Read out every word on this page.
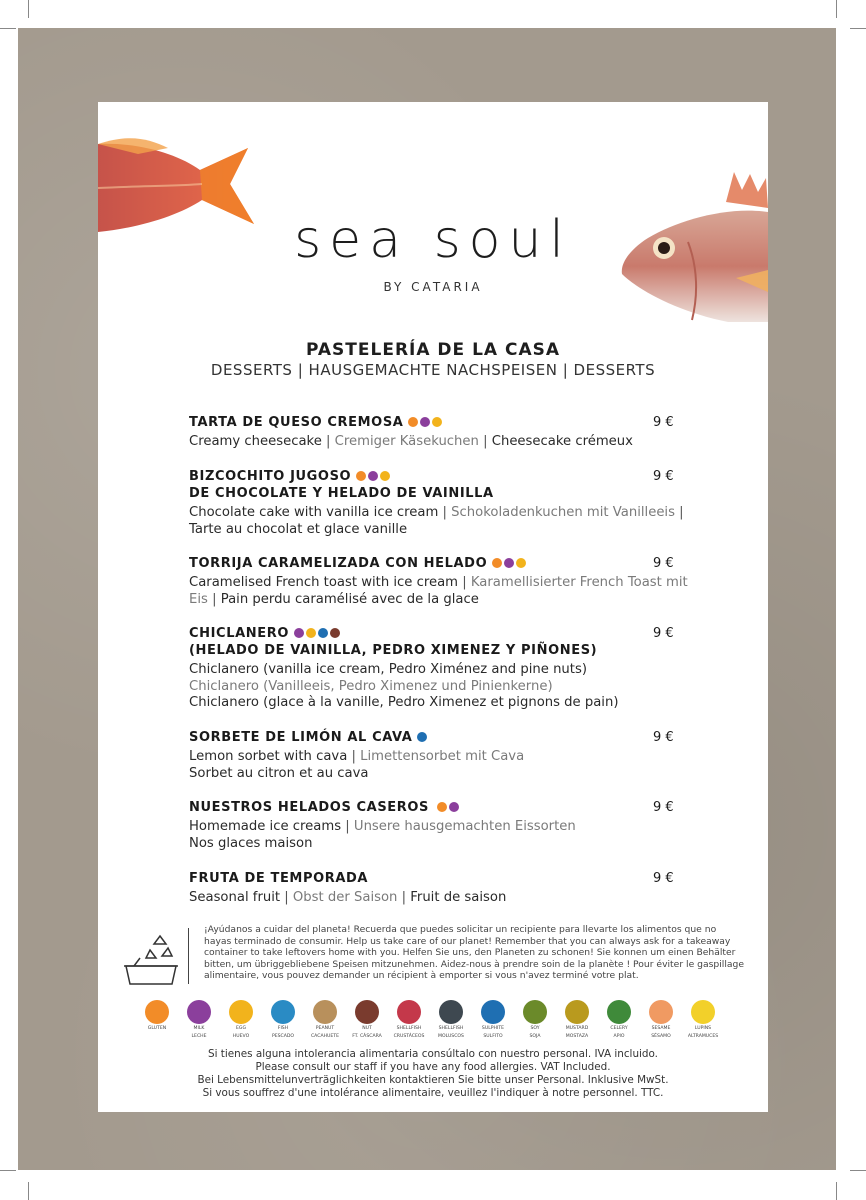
sea soul
BY CATARIA
PASTELERÍA DE LA CASA
DESSERTS | HAUSGEMACHTE NACHSPEISEN | DESSERTS
TARTA DE QUESO CREMOSA
Creamy cheesecake | Cremiger Käsekuchen | Cheesecake crémeux
9 €
BIZCOCHITO JUGOSO
DE CHOCOLATE Y HELADO DE VAINILLA
Chocolate cake with vanilla ice cream | Schokoladenkuchen mit Vanilleeis | Tarte au chocolat et glace vanille
9 €
TORRIJA CARAMELIZADA CON HELADO
Caramelised French toast with ice cream | Karamellisierter French Toast mit Eis | Pain perdu caramélisé avec de la glace
9 €
CHICLANERO
(HELADO DE VAINILLA, PEDRO XIMENEZ Y PIÑONES)
Chiclanero (vanilla ice cream, Pedro Ximénez and pine nuts)
Chiclanero (Vanilleeis, Pedro Ximenez und Pinienkerne)
Chiclanero (glace à la vanille, Pedro Ximenez et pignons de pain)
9 €
SORBETE DE LIMÓN AL CAVA
Lemon sorbet with cava | Limettensorbet mit Cava
Sorbet au citron et au cava
9 €
NUESTROS HELADOS CASEROS
Homemade ice creams | Unsere hausgemachten Eissorten
Nos glaces maison
9 €
FRUTA DE TEMPORADA
Seasonal fruit | Obst der Saison | Fruit de saison
9 €
¡Ayúdanos a cuidar del planeta! Recuerda que puedes solicitar un recipiente para llevarte los alimentos que no hayas terminado de consumir. Help us take care of our planet! Remember that you can always ask for a takeaway container to take leftovers home with you. Helfen Sie uns, den Planeten zu schonen! Sie konnen um einen Behälter bitten, um übriggebliebene Speisen mitzunehmen. Aidez-nous à prendre soin de la planète ! Pour éviter le gaspillage alimentaire, vous pouvez demander un récipient à emporter si vous n'avez terminé votre plat.
GLUTEN	MILK
LECHE
EGG
HUEVO
FISH
PESCADO
PEANUT
CACAHUETE
NUT
FT. CÁSCARA
SHELLFISH
CRUSTÁCEOS
SHELLFISH
MOLUSCOS
SULPHITE
SULFITO
SOY
SOJA
MUSTARD
MOSTAZA
CELERY
APIO
SESAME
SÉSAMO
LUPINS
ALTRAMUCES
Si tienes alguna intolerancia alimentaria consúltalo con nuestro personal. IVA incluido.
Please consult our staff if you have any food allergies. VAT Included.
Bei Lebensmittelunverträglichkeiten kontaktieren Sie bitte unser Personal. Inklusive MwSt.
Si vous souffrez d'une intolérance alimentaire, veuillez l'indiquer à notre personnel. TTC.
